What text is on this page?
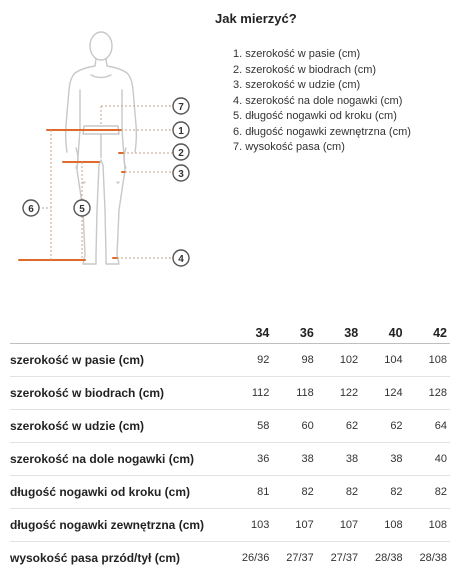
7
1
2
3
6	5
4
Jak mierzyć?
1. szerokość w pasie (cm)
2. szerokość w biodrach (cm)
3. szerokość w udzie (cm)
4. szerokość na dole nogawki (cm)
5. długość nogawki od kroku (cm)
6. długość nogawki zewnętrzna (cm)
7. wysokość pasa (cm)
	34	36	38	40	42
szerokość w pasie (cm)	92	98	102	104	108
szerokość w biodrach (cm)	112	118	122	124	128
szerokość w udzie (cm)	58	60	62	62	64
szerokość na dole nogawki (cm)	36	38	38	38	40
długość nogawki od kroku (cm)	81	82	82	82	82
długość nogawki zewnętrzna (cm)	103	107	107	108	108
wysokość pasa przód/tył (cm)	26/36	27/37	27/37	28/38	28/38
